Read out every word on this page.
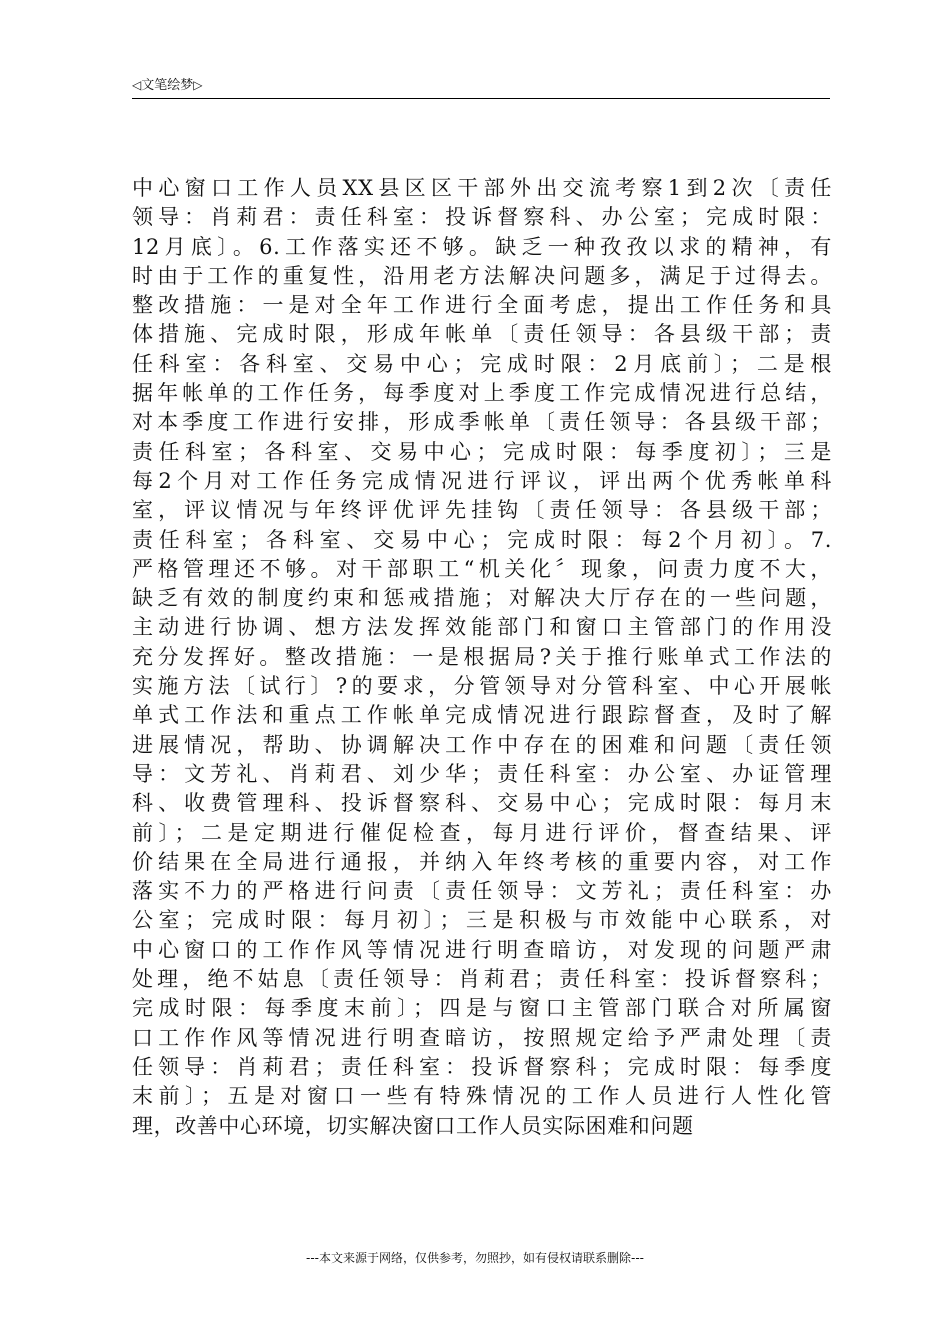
◁文笔绘梦▷
中心窗口工作人员XX县区区干部外出交流考察1到2次〔责任
领导：肖莉君：责任科室：投诉督察科、办公室；完成时限：
12月底〕。6.工作落实还不够。缺乏一种孜孜以求的精神，有
时由于工作的重复性，沿用老方法解决问题多，满足于过得去。
整改措施：一是对全年工作进行全面考虑，提出工作任务和具
体措施、完成时限，形成年帐单〔责任领导：各县级干部；责
任科室：各科室、交易中心；完成时限：2月底前〕；二是根
据年帐单的工作任务，每季度对上季度工作完成情况进行总结，
对本季度工作进行安排，形成季帐单〔责任领导：各县级干部；
责任科室；各科室、交易中心；完成时限：每季度初〕；三是
每2个月对工作任务完成情况进行评议，评出两个优秀帐单科
室，评议情况与年终评优评先挂钩〔责任领导：各县级干部；
责任科室；各科室、交易中心；完成时限：每2个月初〕。7.
严格管理还不够。对干部职工“机关化〞现象，问责力度不大，
缺乏有效的制度约束和惩戒措施；对解决大厅存在的一些问题，
主动进行协调、想方法发挥效能部门和窗口主管部门的作用没
充分发挥好。整改措施：一是根据局?关于推行账单式工作法的
实施方法〔试行〕?的要求，分管领导对分管科室、中心开展帐
单式工作法和重点工作帐单完成情况进行跟踪督查，及时了解
进展情况，帮助、协调解决工作中存在的困难和问题〔责任领
导：文芳礼、肖莉君、刘少华；责任科室：办公室、办证管理
科、收费管理科、投诉督察科、交易中心；完成时限：每月末
前〕；二是定期进行催促检查，每月进行评价，督查结果、评
价结果在全局进行通报，并纳入年终考核的重要内容，对工作
落实不力的严格进行问责〔责任领导：文芳礼；责任科室：办
公室；完成时限：每月初〕；三是积极与市效能中心联系，对
中心窗口的工作作风等情况进行明查暗访，对发现的问题严肃
处理，绝不姑息〔责任领导：肖莉君；责任科室：投诉督察科；
完成时限：每季度末前〕；四是与窗口主管部门联合对所属窗
口工作作风等情况进行明查暗访，按照规定给予严肃处理〔责
任领导：肖莉君；责任科室：投诉督察科；完成时限：每季度
末前〕；五是对窗口一些有特殊情况的工作人员进行人性化管
理，改善中心环境，切实解决窗口工作人员实际困难和问题
---本文来源于网络，仅供参考，勿照抄，如有侵权请联系删除---
